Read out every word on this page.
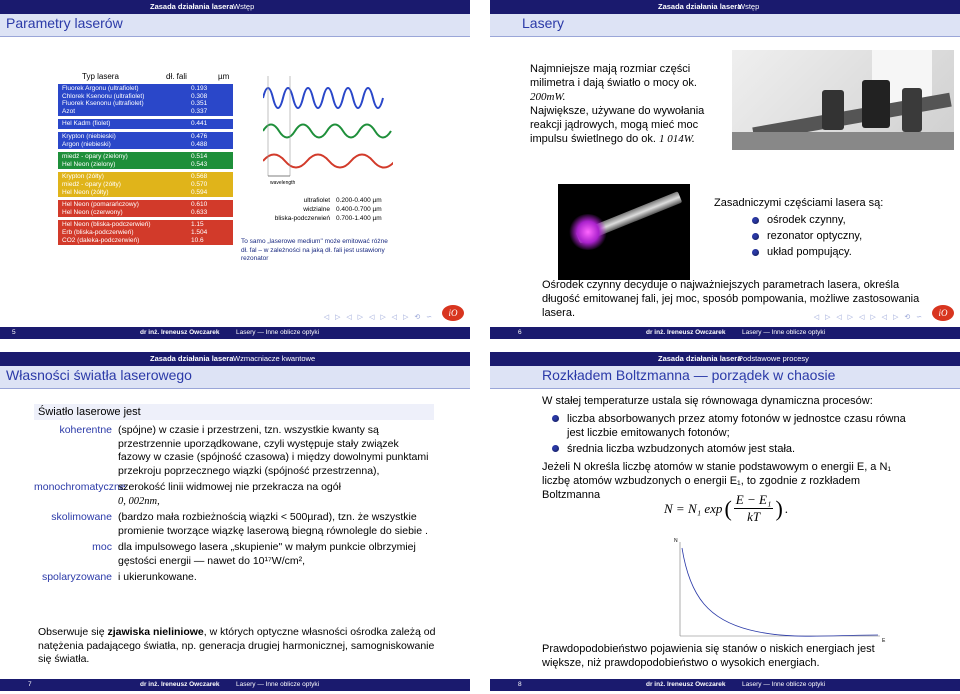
Zasada działania lasera Wstęp
Parametry laserów
Typ lasera	dł. fali	µm
Fluorek Argonu (ultrafiolet)	0.193
Chlorek Ksenonu (ultrafiolet)	0.308
Fluorek Ksenonu (ultrafiolet)	0.351
Azot	0.337
Hel Kadm (fiolet)	0.441
Krypton (niebieski)	0.476
Argon (niebieski)	0.488
miedź - opary (zielony)	0.514
Hel Neon (zielony)	0.543
Krypton (żółty)	0.568
miedź - opary (żółty)	0.570
Hel Neon (żółty)	0.594
Hel Neon (pomarańczowy)	0.610
Hel Neon (czerwony)	0.633
Hel Neon (bliska-podczerwień)	1.15
Erb (bliska-podczerwień)	1.504
CO2 (daleka-podczerwień)	10.6
wavelength
ultrafiolet 0.200-0.400 µm
widzialne 0.400-0.700 µm
bliska-podczerwień 0.700-1.400 µm
To samo „laserowe medium" może emitować różne dł. fal – w zależności na jaką dł. fali jest ustawiony rezonator
◁ ▷ ◁ ▷ ◁ ▷ ◁ ▷ ⟲ ∽	iO
5	dr inż. Ireneusz Owczarek	Lasery — Inne oblicze optyki
Zasada działania lasera
Wstęp
Lasery
Najmniejsze mają rozmiar części milimetra i dają światło o mocy ok. 200mW.
Największe, używane do wywołania reakcji jądrowych, mogą mieć moc impulsu świetlnego do ok. 1 014W.
Zasadniczymi częściami lasera są:
ośrodek czynny,
rezonator optyczny,
układ pompujący.
Ośrodek czynny decyduje o najważniejszych parametrach lasera, określa długość emitowanej fali, jej moc, sposób pompowania, możliwe zastosowania lasera.	◁ ▷ ◁ ▷ ◁ ▷ ◁ ▷ ⟲ ∽	iO
6	dr inż. Ireneusz Owczarek	Lasery — Inne oblicze optyki
Zasada działania lasera Wzmacniacze kwantowe
Własności światła laserowego
Światło laserowe jest
koherentne (spójne) w czasie i przestrzeni, tzn. wszystkie kwanty są przestrzennie uporządkowane, czyli występuje stały związek fazowy w czasie (spójność czasowa) i między dowolnymi punktami przekroju poprzecznego wiązki (spójność przestrzenna),
monochromatyczne
szerokość linii widmowej nie przekracza na ogół
0, 002nm,
skolimowane (bardzo mała rozbieżnością wiązki < 500µrad), tzn. że wszystkie promienie tworzące wiązkę laserową biegną równolegle do siebie .
moc dla impulsowego lasera „skupienie" w małym punkcie olbrzymiej gęstości energii — nawet do 10¹⁷W/cm²,
spolaryzowane i ukierunkowane.
Obserwuje się zjawiska nieliniowe, w których optyczne własności ośrodka zależą od natężenia padającego światła, np. generacja drugiej harmonicznej, samogniskowanie się światła.
7	dr inż. Ireneusz Owczarek	Lasery — Inne oblicze optyki
Zasada działania lasera
Podstawowe procesy
Rozkładem Boltzmanna — porządek w chaosie
W stałej temperaturze ustala się równowaga dynamiczna procesów:
liczba absorbowanych przez atomy fotonów w jednostce czasu równa jest liczbie emitowanych fotonów;
średnia liczba wzbudzonych atomów jest stała.
Jeżeli N określa liczbę atomów w stanie podstawowym o energii E, a N₁ liczbę atomów wzbudzonych o energii E₁, to zgodnie z rozkładem Boltzmanna
N = N₁ exp ( E − E₁
kT ) .
N
E
Prawdopodobieństwo pojawienia się stanów o niskich energiach jest większe, niż prawdopodobieństwo o wysokich energiach.
8	dr inż. Ireneusz Owczarek	Lasery — Inne oblicze optyki
